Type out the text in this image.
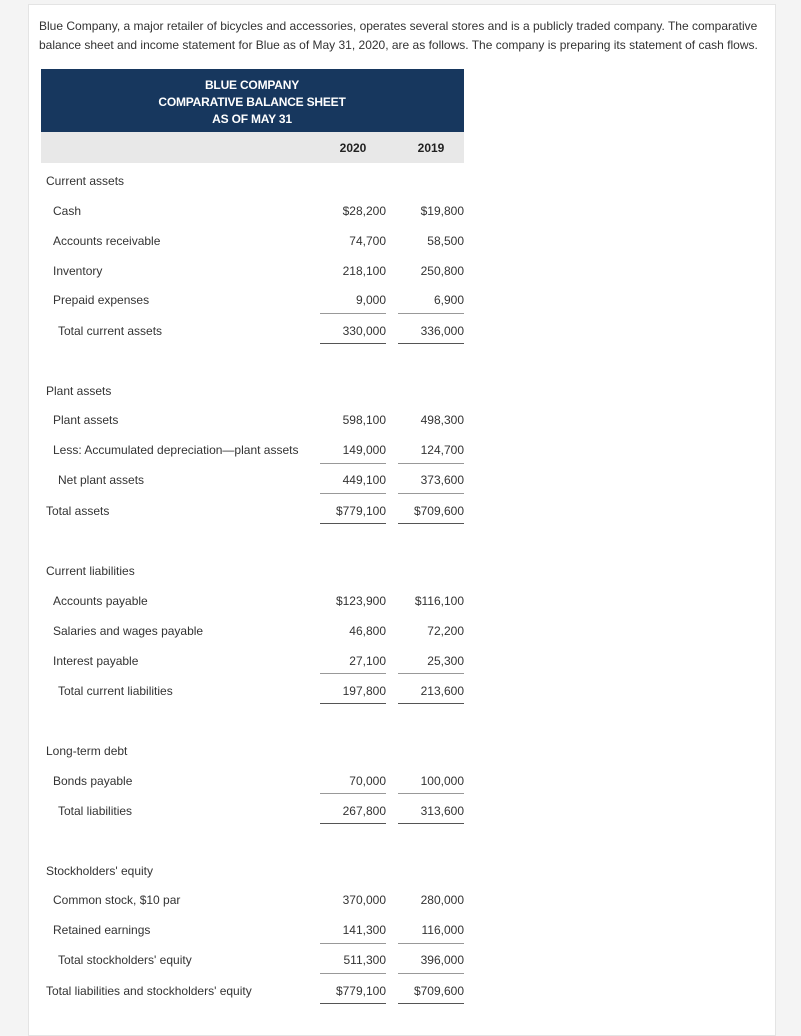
Blue Company, a major retailer of bicycles and accessories, operates several stores and is a publicly traded company. The comparative balance sheet and income statement for Blue as of May 31, 2020, are as follows. The company is preparing its statement of cash flows.
BLUE COMPANY
COMPARATIVE BALANCE SHEET
AS OF MAY 31
2020	2019
Current assets
Cash	$28,200	$19,800
Accounts receivable	74,700	58,500
Inventory	218,100	250,800
Prepaid expenses	9,000	6,900
Total current assets	330,000	336,000
Plant assets
Plant assets	598,100	498,300
Less: Accumulated depreciation—plant assets	149,000	124,700
Net plant assets	449,100	373,600
Total assets	$779,100	$709,600
Current liabilities
Accounts payable	$123,900	$116,100
Salaries and wages payable	46,800	72,200
Interest payable	27,100	25,300
Total current liabilities	197,800	213,600
Long-term debt
Bonds payable	70,000	100,000
Total liabilities	267,800	313,600
Stockholders' equity
Common stock, $10 par	370,000	280,000
Retained earnings	141,300	116,000
Total stockholders' equity	511,300	396,000
Total liabilities and stockholders' equity	$779,100	$709,600
